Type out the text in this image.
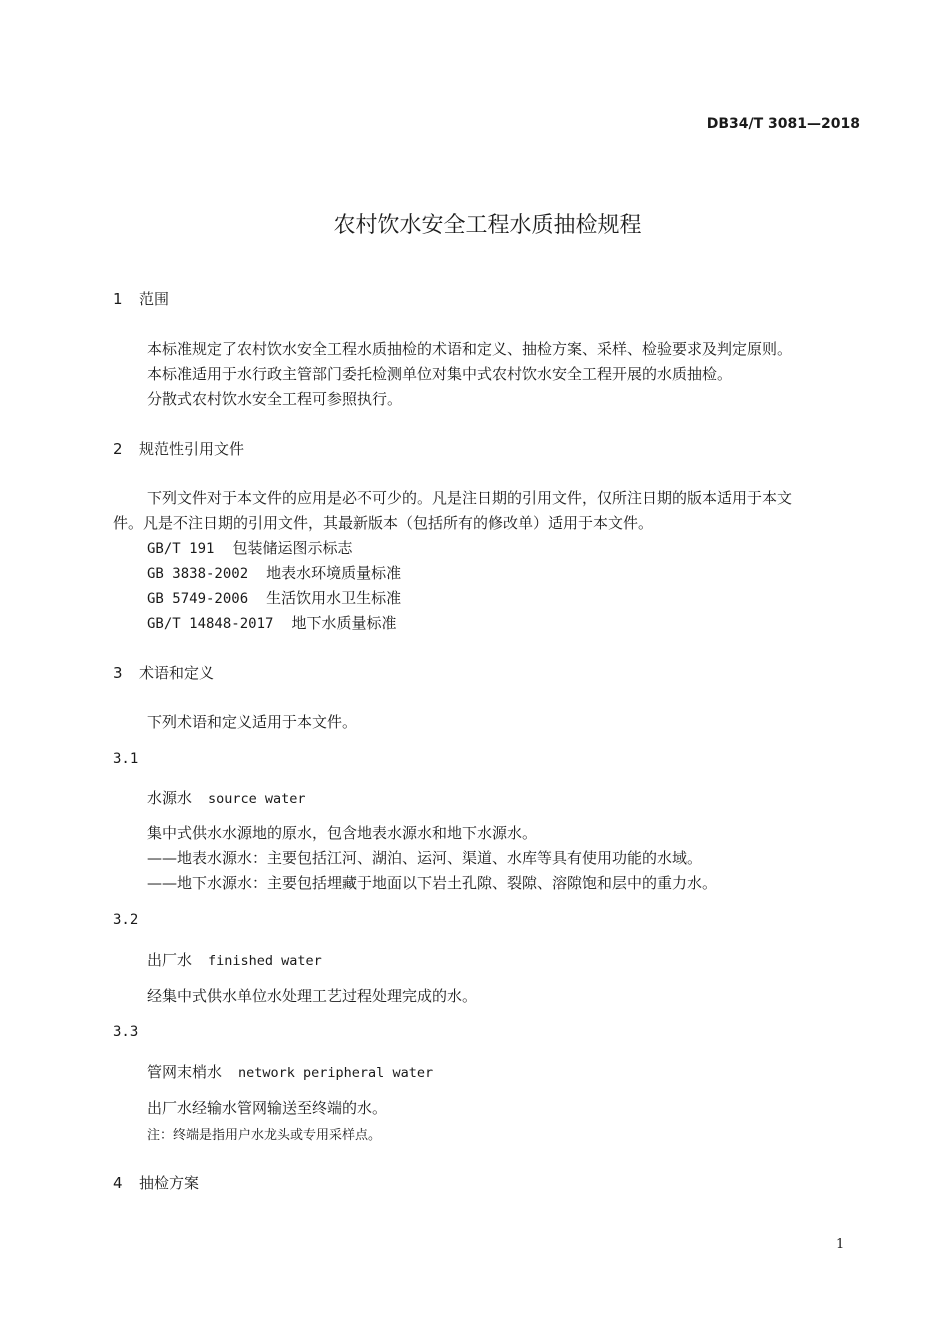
DB34/T 3081—2018
农村饮水安全工程水质抽检规程
1 范围
本标准规定了农村饮水安全工程水质抽检的术语和定义、抽检方案、采样、检验要求及判定原则。
本标准适用于水行政主管部门委托检测单位对集中式农村饮水安全工程开展的水质抽检。
分散式农村饮水安全工程可参照执行。
2 规范性引用文件
下列文件对于本文件的应用是必不可少的。凡是注日期的引用文件，仅所注日期的版本适用于本文
件。凡是不注日期的引用文件，其最新版本（包括所有的修改单）适用于本文件。
GB/T 191 包装储运图示标志
GB 3838-2002 地表水环境质量标准
GB 5749-2006 生活饮用水卫生标准
GB/T 14848-2017 地下水质量标准
3 术语和定义
下列术语和定义适用于本文件。
3.1
水源水 source water
集中式供水水源地的原水，包含地表水源水和地下水源水。
——地表水源水：主要包括江河、湖泊、运河、渠道、水库等具有使用功能的水域。
——地下水源水：主要包括埋藏于地面以下岩土孔隙、裂隙、溶隙饱和层中的重力水。
3.2
出厂水 finished water
经集中式供水单位水处理工艺过程处理完成的水。
3.3
管网末梢水 network peripheral water
出厂水经输水管网输送至终端的水。
注：终端是指用户水龙头或专用采样点。
4 抽检方案
1
